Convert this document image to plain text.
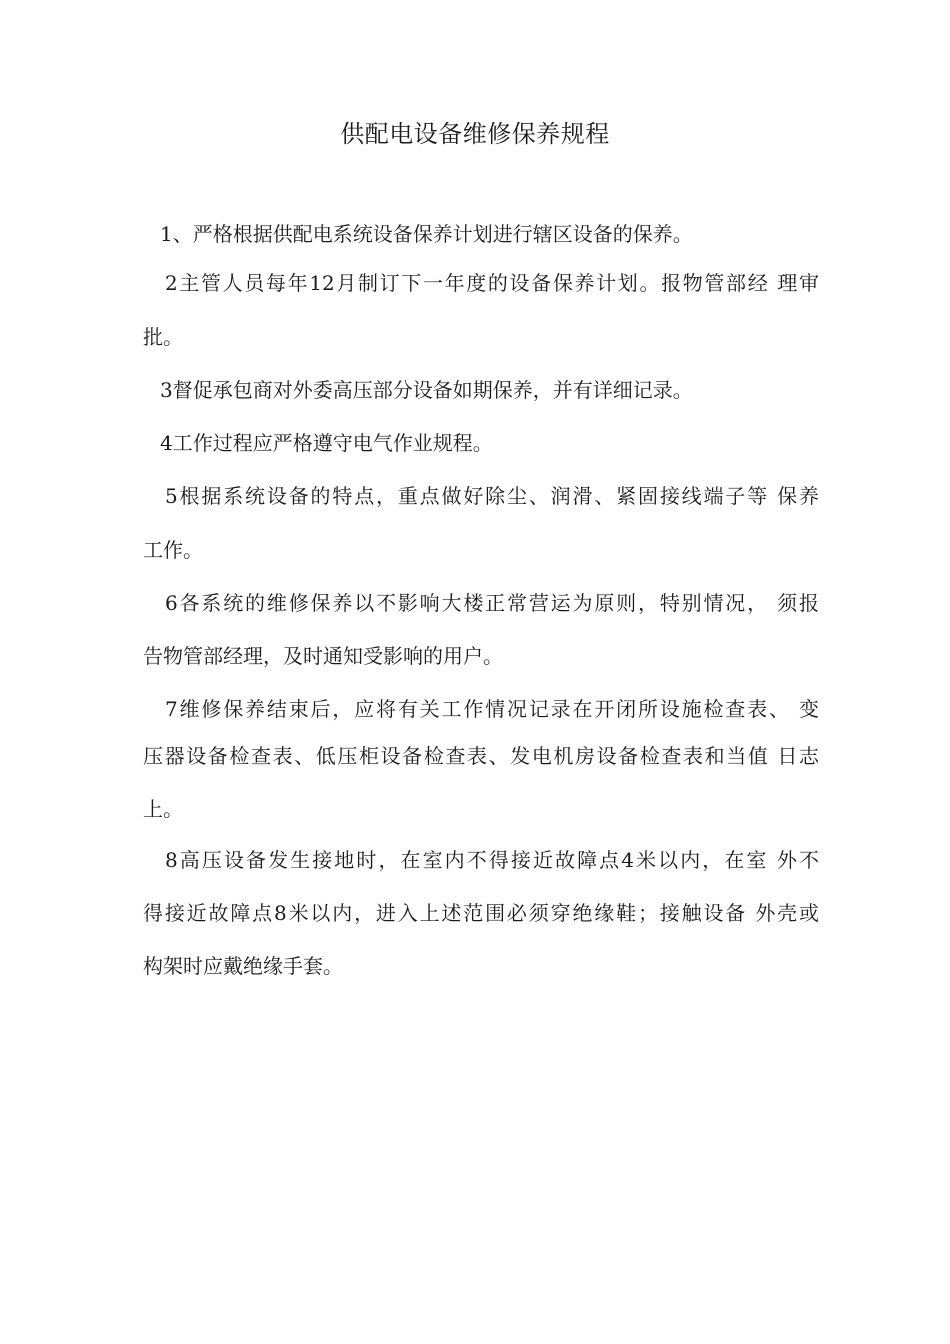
供配电设备维修保养规程
1、严格根据供配电系统设备保养计划进行辖区设备的保养。
2主管人员每年12月制订下一年度的设备保养计划。报物管部经 理审
批。
3督促承包商对外委高压部分设备如期保养，并有详细记录。
4工作过程应严格遵守电气作业规程。
5根据系统设备的特点，重点做好除尘、润滑、紧固接线端子等 保养
工作。
6各系统的维修保养以不影响大楼正常营运为原则，特别情况， 须报
告物管部经理，及时通知受影响的用户。
7维修保养结束后，应将有关工作情况记录在开闭所设施检查表、 变
压器设备检查表、低压柜设备检查表、发电机房设备检查表和当值 日志
上。
8高压设备发生接地时，在室内不得接近故障点4米以内，在室 外不
得接近故障点8米以内，进入上述范围必须穿绝缘鞋；接触设备 外壳或
构架时应戴绝缘手套。
